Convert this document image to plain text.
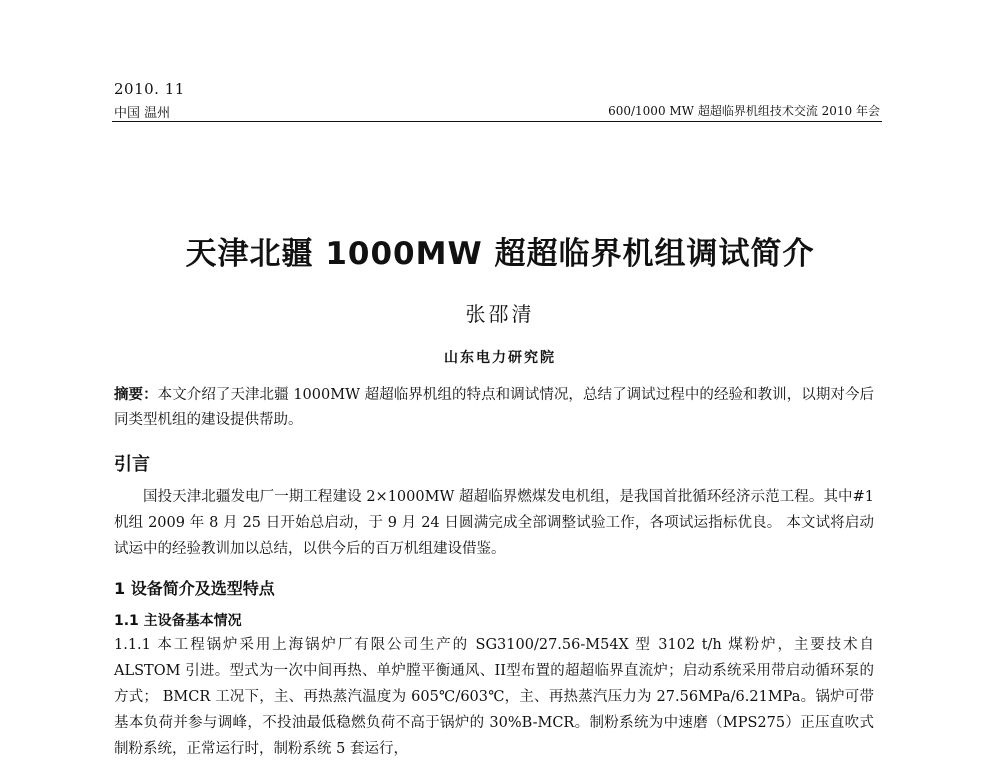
2010. 11
中国 温州	600/1000 MW 超超临界机组技术交流 2010 年会
天津北疆 1000MW 超超临界机组调试简介
张邵清
山东电力研究院
摘要：本文介绍了天津北疆 1000MW 超超临界机组的特点和调试情况，总结了调试过程中的经验和教训，以期对今后同类型机组的建设提供帮助。
引言
国投天津北疆发电厂一期工程建设 2×1000MW 超超临界燃煤发电机组，是我国首批循环经济示范工程。其中#1 机组 2009 年 8 月 25 日开始总启动，于 9 月 24 日圆满完成全部调整试验工作，各项试运指标优良。 本文试将启动试运中的经验教训加以总结，以供今后的百万机组建设借鉴。
1 设备简介及选型特点
1.1 主设备基本情况
1.1.1 本工程锅炉采用上海锅炉厂有限公司生产的 SG3100/27.56-M54X 型 3102 t/h 煤粉炉，主要技术自 ALSTOM 引进。型式为一次中间再热、单炉膛平衡通风、II型布置的超超临界直流炉；启动系统采用带启动循环泵的方式； BMCR 工况下，主、再热蒸汽温度为 605℃/603℃，主、再热蒸汽压力为 27.56MPa/6.21MPa。锅炉可带基本负荷并参与调峰，不投油最低稳燃负荷不高于锅炉的 30%B-MCR。制粉系统为中速磨（MPS275）正压直吹式制粉系统，正常运行时，制粉系统 5 套运行，
